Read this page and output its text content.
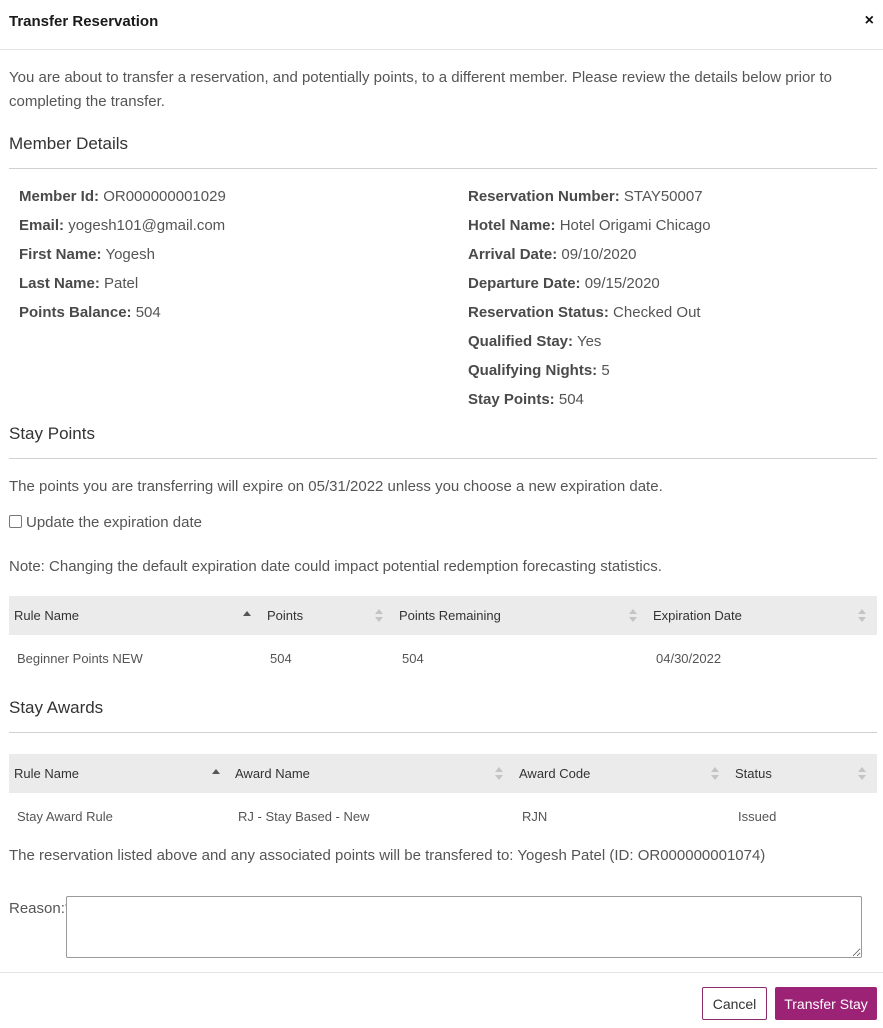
Transfer Reservation	×
You are about to transfer a reservation, and potentially points, to a different member. Please review the details below prior to completing the transfer.
Member Details
Member Id: OR000000001029
Email: yogesh101@gmail.com
First Name: Yogesh
Last Name: Patel
Points Balance: 504
Reservation Number: STAY50007
Hotel Name: Hotel Origami Chicago
Arrival Date: 09/10/2020
Departure Date: 09/15/2020
Reservation Status: Checked Out
Qualified Stay: Yes
Qualifying Nights: 5
Stay Points: 504
Stay Points
The points you are transferring will expire on 05/31/2022 unless you choose a new expiration date.
Update the expiration date
Note: Changing the default expiration date could impact potential redemption forecasting statistics.
Rule Name	Points	Points Remaining	Expiration Date
Beginner Points NEW	504	504	04/30/2022
Stay Awards
Rule Name	Award Name	Award Code	Status
Stay Award Rule	RJ - Stay Based - New	RJN	Issued
The reservation listed above and any associated points will be transfered to: Yogesh Patel (ID: OR000000001074)
Reason:
Cancel	Transfer Stay
